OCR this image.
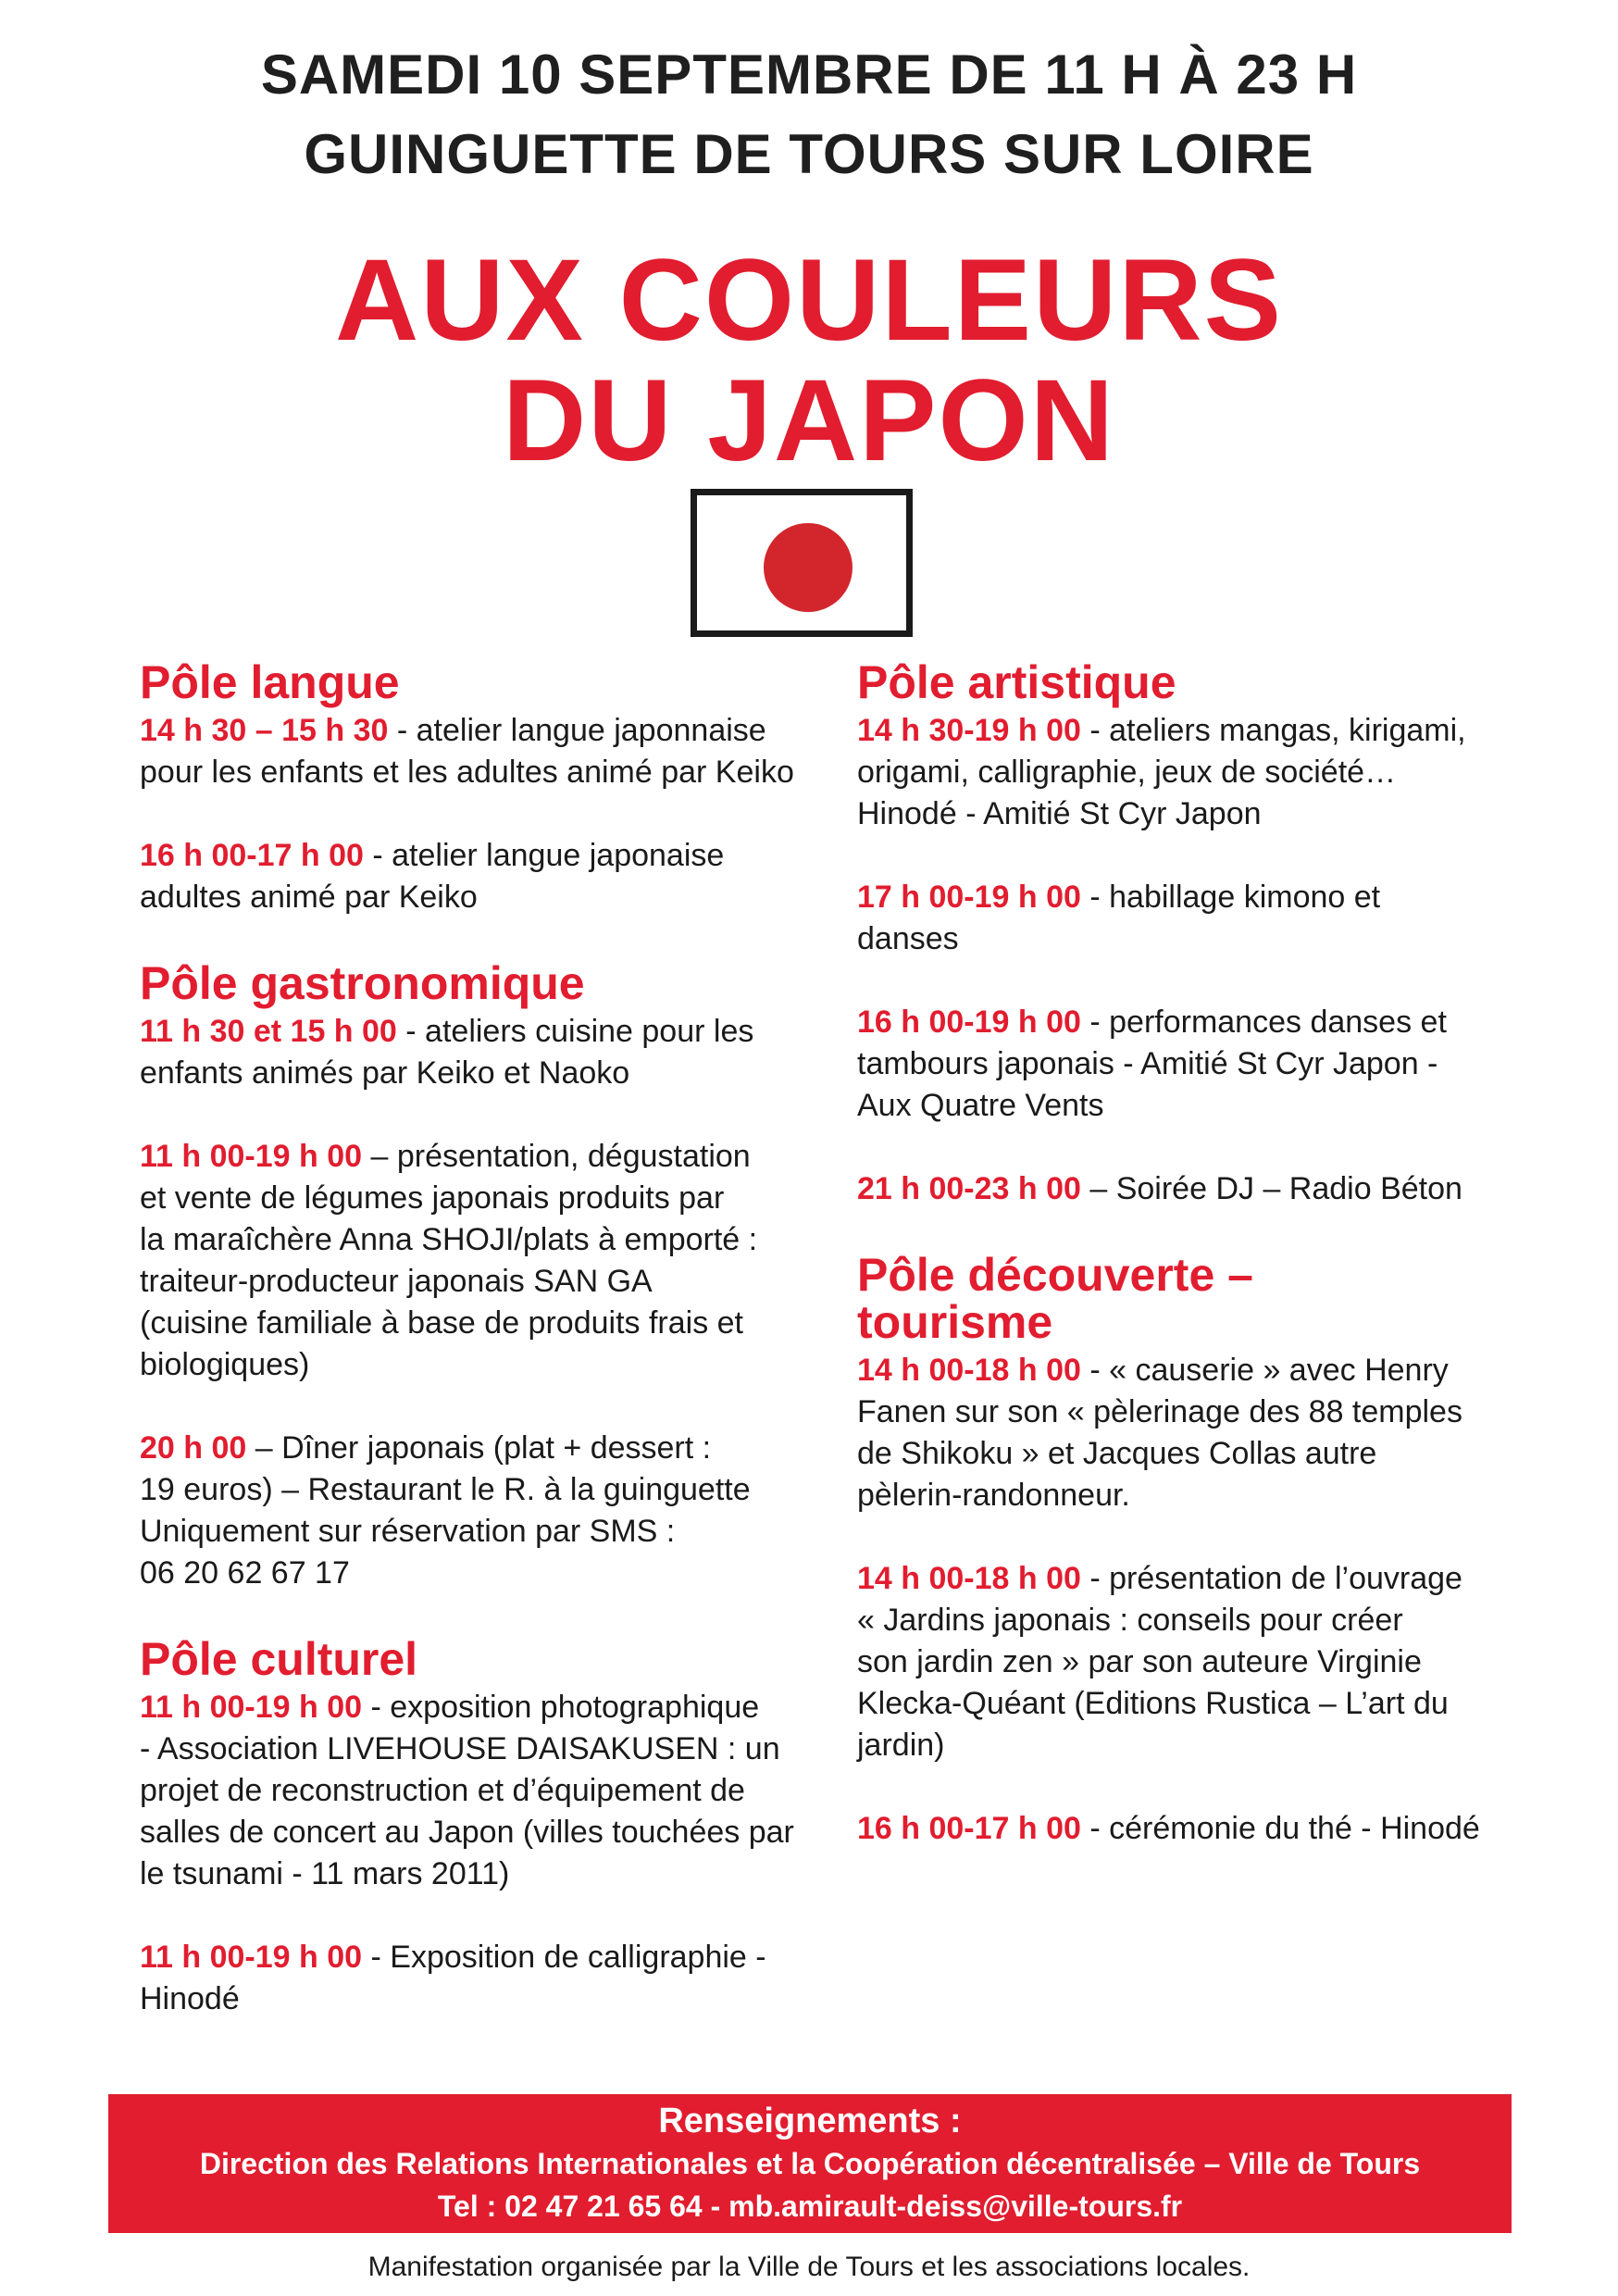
SAMEDI 10 SEPTEMBRE DE 11 H À 23 H
GUINGUETTE DE TOURS SUR LOIRE
AUX COULEURS
DU JAPON
Pôle langue
14 h 30 – 15 h 30 - atelier langue japonnaise
pour les enfants et les adultes animé par Keiko
16 h 00-17 h 00 - atelier langue japonaise
adultes animé par Keiko
Pôle gastronomique
11 h 30 et 15 h 00 - ateliers cuisine pour les
enfants animés par Keiko et Naoko
11 h 00-19 h 00 – présentation, dégustation
et vente de légumes japonais produits par
la maraîchère Anna SHOJI/plats à emporté :
traiteur-producteur japonais SAN GA
(cuisine familiale à base de produits frais et
biologiques)
20 h 00 – Dîner japonais (plat + dessert :
19 euros) – Restaurant le R. à la guinguette
Uniquement sur réservation par SMS :
06 20 62 67 17
Pôle culturel
11 h 00-19 h 00 - exposition photographique
- Association LIVEHOUSE DAISAKUSEN : un
projet de reconstruction et d’équipement de
salles de concert au Japon (villes touchées par
le tsunami - 11 mars 2011)
11 h 00-19 h 00 - Exposition de calligraphie -
Hinodé
Pôle artistique
14 h 30-19 h 00 - ateliers mangas, kirigami,
origami, calligraphie, jeux de société…
Hinodé - Amitié St Cyr Japon
17 h 00-19 h 00 - habillage kimono et
danses
16 h 00-19 h 00 - performances danses et
tambours japonais - Amitié St Cyr Japon -
Aux Quatre Vents
21 h 00-23 h 00 – Soirée DJ – Radio Béton
Pôle découverte –
tourisme
14 h 00-18 h 00 - « causerie » avec Henry
Fanen sur son « pèlerinage des 88 temples
de Shikoku » et Jacques Collas autre
pèlerin-randonneur.
14 h 00-18 h 00 - présentation de l’ouvrage
« Jardins japonais : conseils pour créer
son jardin zen » par son auteure Virginie
Klecka-Quéant (Editions Rustica – L’art du
jardin)
16 h 00-17 h 00 - cérémonie du thé - Hinodé
Renseignements :
Direction des Relations Internationales et la Coopération décentralisée – Ville de Tours
Tel : 02 47 21 65 64 - mb.amirault-deiss@ville-tours.fr
Manifestation organisée par la Ville de Tours et les associations locales.
